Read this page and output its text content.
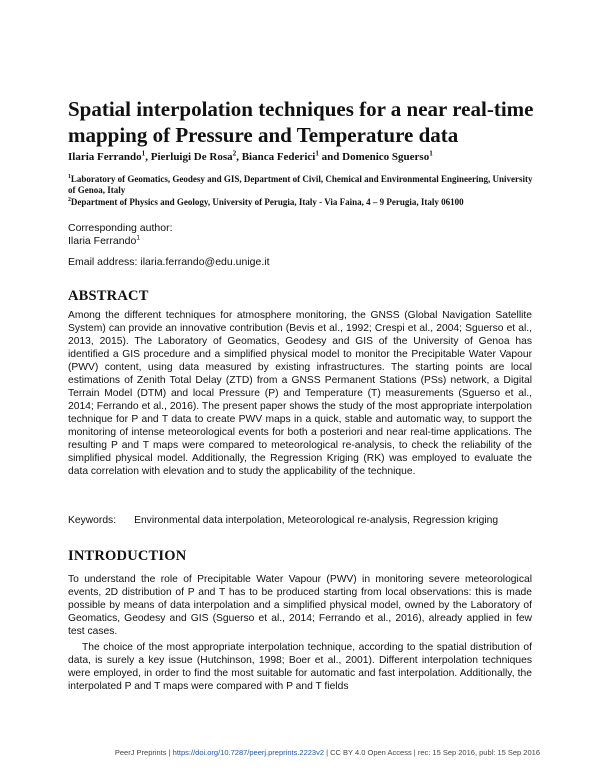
Spatial interpolation techniques for a near real-time mapping of Pressure and Temperature data
Ilaria Ferrando$^1$, Pierluigi De Rosa$^2$, Bianca Federici$^1$ and Domenico Sguerso$^1$
$^1$Laboratory of Geomatics, Geodesy and GIS, Department of Civil, Chemical and Environmental Engineering, University of Genoa, Italy
$^2$Department of Physics and Geology, University of Perugia, Italy - Via Faina, 4 – 9 Perugia, Italy 06100
Corresponding author:
Ilaria Ferrando$^1$
Email address: ilaria.ferrando@edu.unige.it
ABSTRACT

Among the different techniques for atmosphere monitoring, the GNSS (Global Navigation Satellite System) can provide an innovative contribution (Bevis et al., 1992; Crespi et al., 2004; Sguerso et al., 2013, 2015). The Laboratory of Geomatics, Geodesy and GIS of the University of Genoa has identified a GIS procedure and a simplified physical model to monitor the Precipitable Water Vapour (PWV) content, using data measured by existing infrastructures. The starting points are local estimations of Zenith Total Delay (ZTD) from a GNSS Permanent Stations (PSs) network, a Digital Terrain Model (DTM) and local Pressure (P) and Temperature (T) measurements (Sguerso et al., 2014; Ferrando et al., 2016). The present paper shows the study of the most appropriate interpolation technique for P and T data to create PWV maps in a quick, stable and automatic way, to support the monitoring of intense meteorological events for both a posteriori and near real-time applications. The resulting P and T maps were compared to meteorological re-analysis, to check the reliability of the simplified physical model. Additionally, the Regression Kriging (RK) was employed to evaluate the data correlation with elevation and to study the applicability of the technique.

Keywords: Environmental data interpolation, Meteorological re-analysis, Regression kriging
INTRODUCTION

To understand the role of Precipitable Water Vapour (PWV) in monitoring severe meteorological events, 2D distribution of P and T has to be produced starting from local observations: this is made possible by means of data interpolation and a simplified physical model, owned by the Laboratory of Geomatics, Geodesy and GIS (Sguerso et al., 2014; Ferrando et al., 2016), already applied in few test cases.

The choice of the most appropriate interpolation technique, according to the spatial distribution of data, is surely a key issue (Hutchinson, 1998; Boer et al., 2001). Different interpolation techniques were employed, in order to find the most suitable for automatic and fast interpolation. Additionally, the interpolated P and T maps were compared with P and T fields

PeerJ Preprints | https://doi.org/10.7287/peerj.preprints.2223v2 | CC BY 4.0 Open Access | rec: 15 Sep 2016, publ: 15 Sep 2016
